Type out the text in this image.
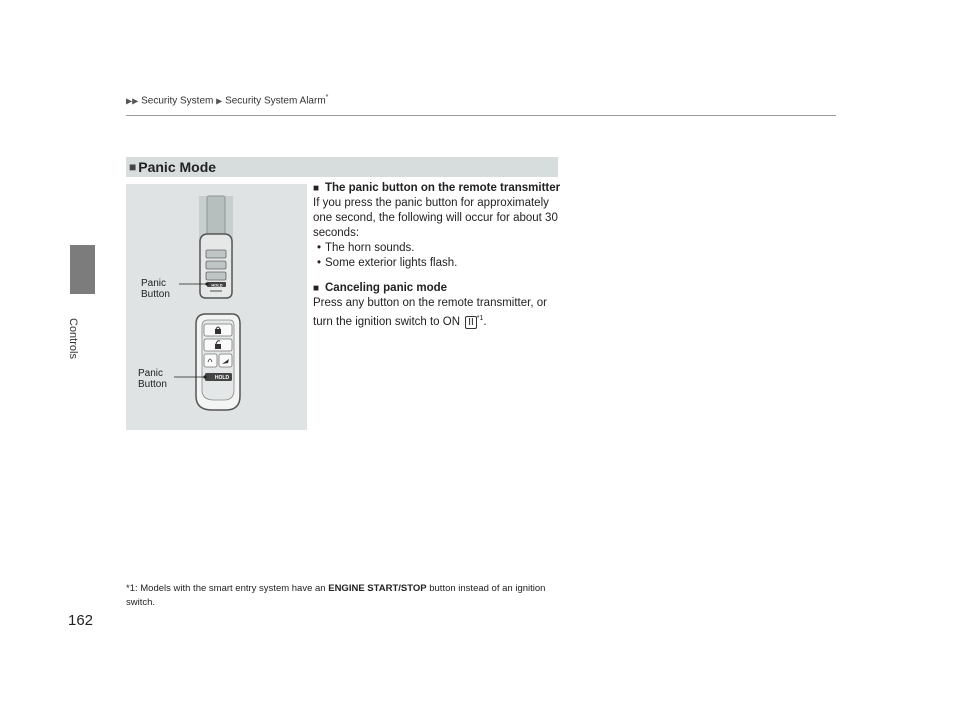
Controls
▶▶ Security System ▶ Security System Alarm*
■ Panic Mode
HOLD
HOLD
Panic
Button
Panic
Button
■ The panic button on the remote transmitter

If you press the panic button for approximately one second, the following will occur for about 30 seconds:

• The horn sounds.
• Some exterior lights flash.
■ Canceling panic mode

Press any button on the remote transmitter, or turn the ignition switch to ON II $^{*1}$.

*1: Models with the smart entry system have an ENGINE START/STOP button instead of an ignition switch.
162
